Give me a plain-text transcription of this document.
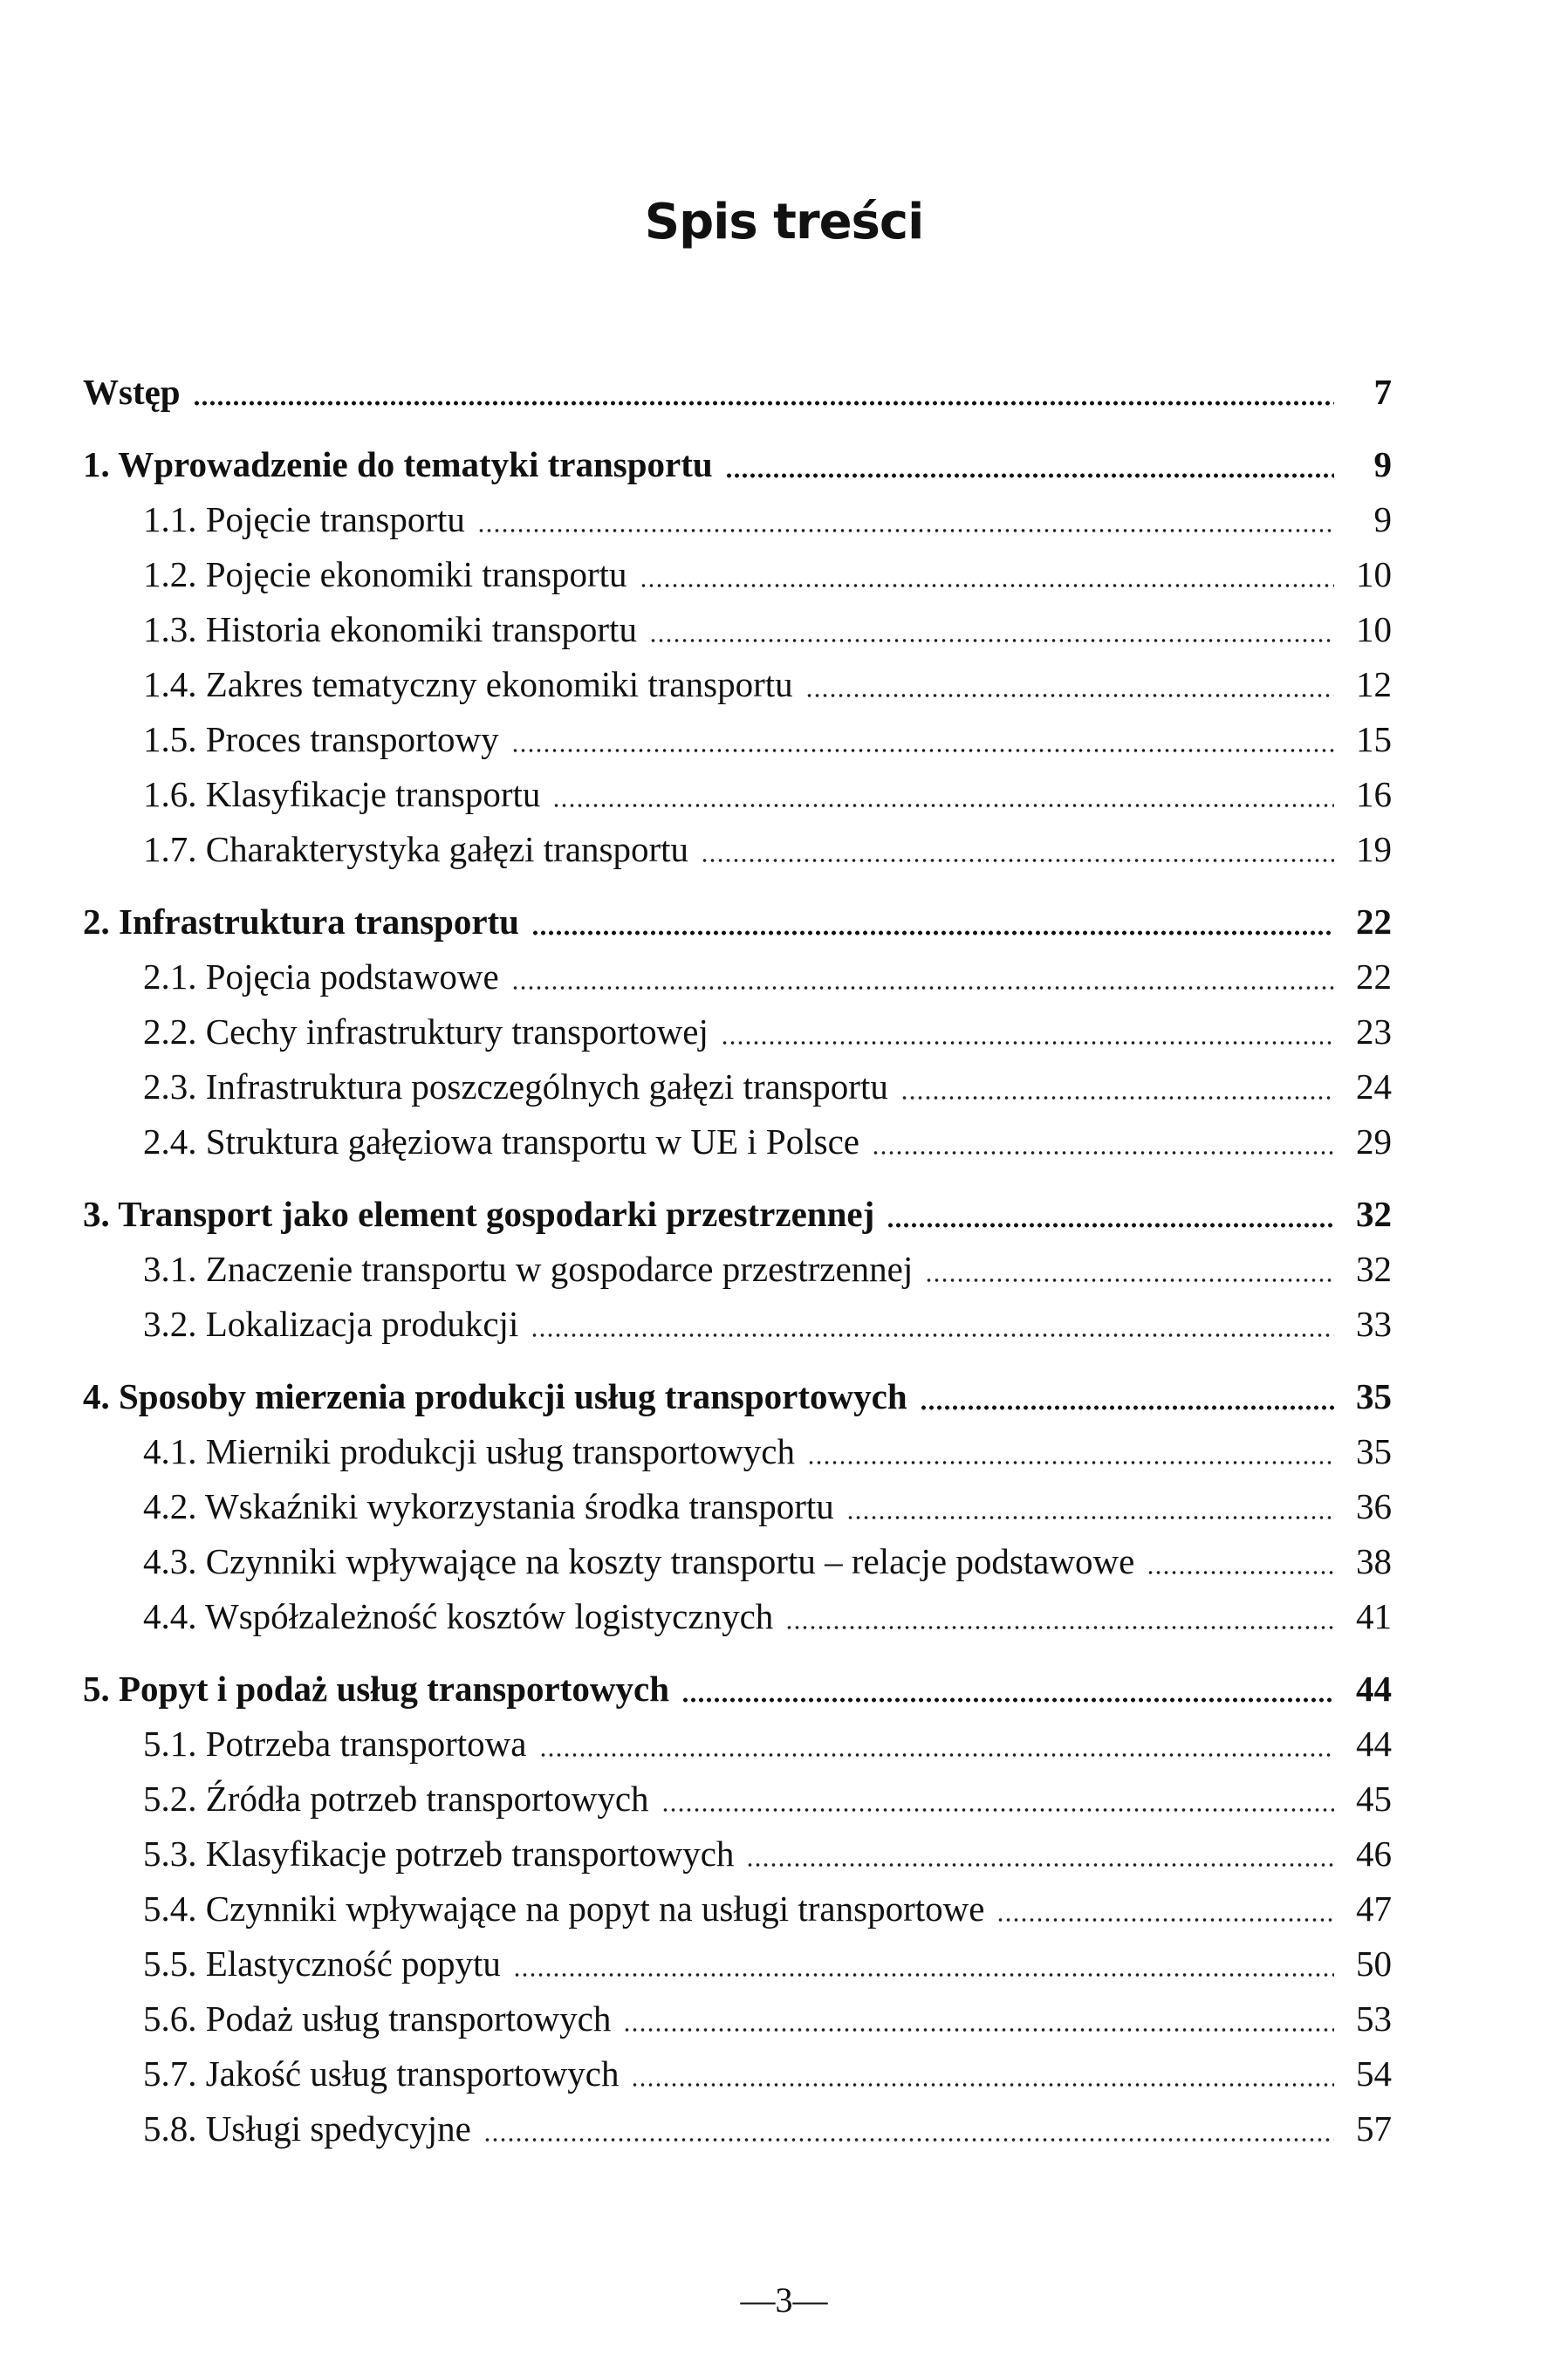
Spis treści
Wstęp	7
1. Wprowadzenie do tematyki transportu	9
1.1. Pojęcie transportu	9
1.2. Pojęcie ekonomiki transportu	10
1.3. Historia ekonomiki transportu	10
1.4. Zakres tematyczny ekonomiki transportu	12
1.5. Proces transportowy	15
1.6. Klasyfikacje transportu	16
1.7. Charakterystyka gałęzi transportu	19
2. Infrastruktura transportu	22
2.1. Pojęcia podstawowe	22
2.2. Cechy infrastruktury transportowej	23
2.3. Infrastruktura poszczególnych gałęzi transportu	24
2.4. Struktura gałęziowa transportu w UE i Polsce	29
3. Transport jako element gospodarki przestrzennej	32
3.1. Znaczenie transportu w gospodarce przestrzennej	32
3.2. Lokalizacja produkcji	33
4. Sposoby mierzenia produkcji usług transportowych	35
4.1. Mierniki produkcji usług transportowych	35
4.2. Wskaźniki wykorzystania środka transportu	36
4.3. Czynniki wpływające na koszty transportu – relacje podstawowe	38
4.4. Współzależność kosztów logistycznych	41
5. Popyt i podaż usług transportowych	44
5.1. Potrzeba transportowa	44
5.2. Źródła potrzeb transportowych	45
5.3. Klasyfikacje potrzeb transportowych	46
5.4. Czynniki wpływające na popyt na usługi transportowe	47
5.5. Elastyczność popytu	50
5.6. Podaż usług transportowych	53
5.7. Jakość usług transportowych	54
5.8. Usługi spedycyjne	57
—3—
